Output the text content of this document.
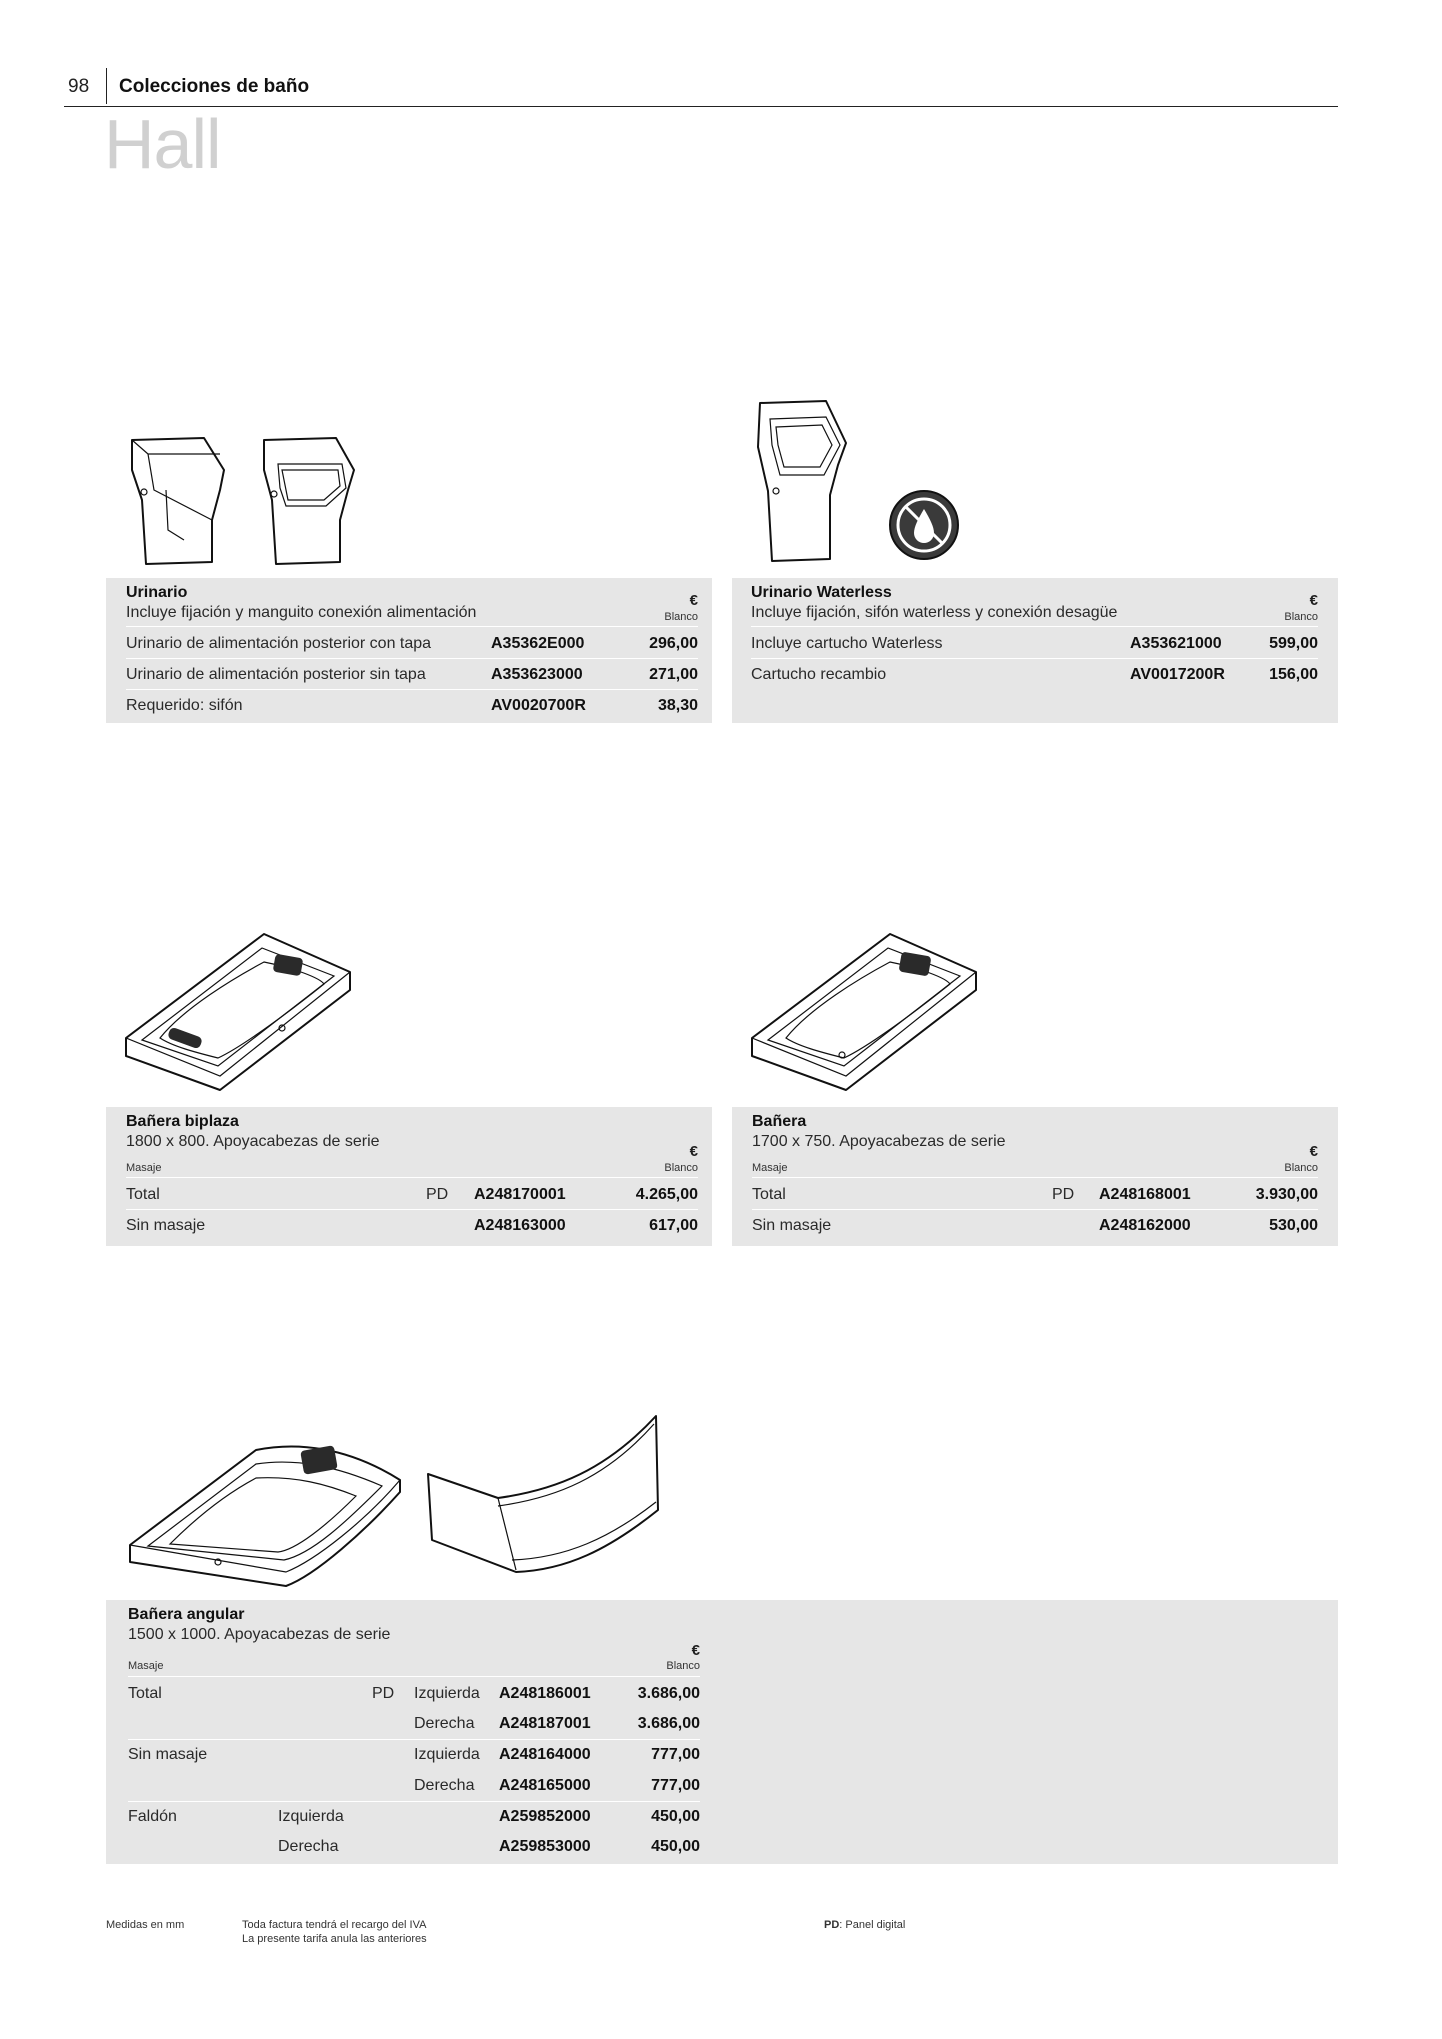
98 Colecciones de baño
Hall
Urinario
Incluye fijación y manguito conexión alimentación
€
Blanco
Urinario de alimentación posterior con tapa	A35362E000	296,00
Urinario de alimentación posterior sin tapa	A353623000	271,00
Requerido: sifón	AV0020700R	38,30
Urinario Waterless
Incluye fijación, sifón waterless y conexión desagüe
€
Blanco
Incluye cartucho Waterless	A353621000	599,00
Cartucho recambio	AV0017200R	156,00
Bañera biplaza
1800 x 800. Apoyacabezas de serie
€
Masaje	Blanco
Total	PD A248170001	4.265,00
Sin masaje	A248163000	617,00
Bañera
1700 x 750. Apoyacabezas de serie
€
Masaje	Blanco
Total	PD A248168001	3.930,00
Sin masaje	A248162000	530,00
Bañera angular
1500 x 1000. Apoyacabezas de serie
€
Masaje	Blanco
Total	PD Izquierda A248186001	3.686,00
Derecha A248187001	3.686,00
Sin masaje	Izquierda A248164000	777,00
Derecha A248165000	777,00
Faldón	Izquierda	A259852000	450,00
Derecha	A259853000	450,00
Medidas en mm	Toda factura tendrá el recargo del IVA
La presente tarifa anula las anteriores
PD: Panel digital
